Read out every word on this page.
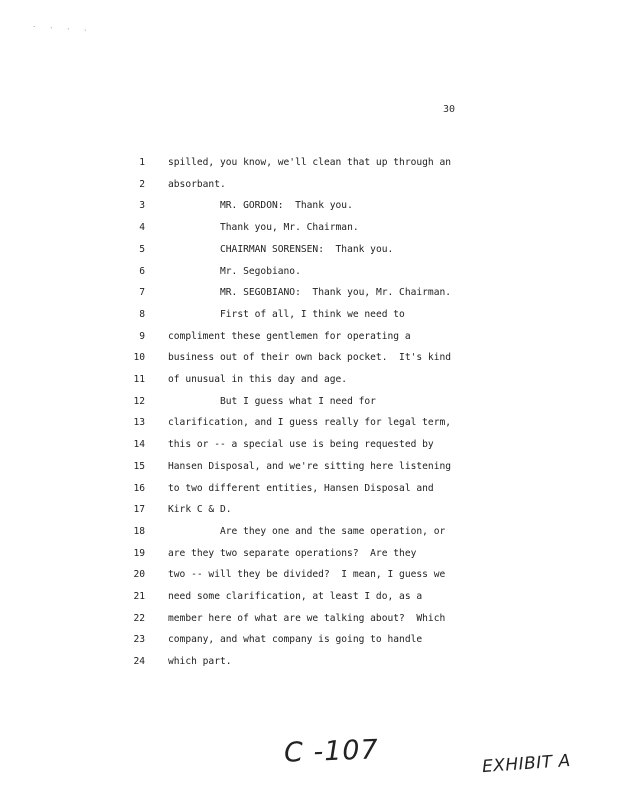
. . . .
30
1 spilled, you know, we'll clean that up through an
2 absorbant.
3	MR. GORDON:  Thank you.
4	Thank you, Mr. Chairman.
5	CHAIRMAN SORENSEN:  Thank you.
6	Mr. Segobiano.
7	MR. SEGOBIANO:  Thank you, Mr. Chairman.
8	First of all, I think we need to
9 compliment these gentlemen for operating a
10 business out of their own back pocket.  It's kind
11 of unusual in this day and age.
12	But I guess what I need for
13 clarification, and I guess really for legal term,
14 this or -- a special use is being requested by
15 Hansen Disposal, and we're sitting here listening
16 to two different entities, Hansen Disposal and
17 Kirk C & D.
18	Are they one and the same operation, or
19 are they two separate operations?  Are they
20 two -- will they be divided?  I mean, I guess we
21 need some clarification, at least I do, as a
22 member here of what are we talking about?  Which
23 company, and what company is going to handle
24 which part.
C -107	EXHIBIT A
